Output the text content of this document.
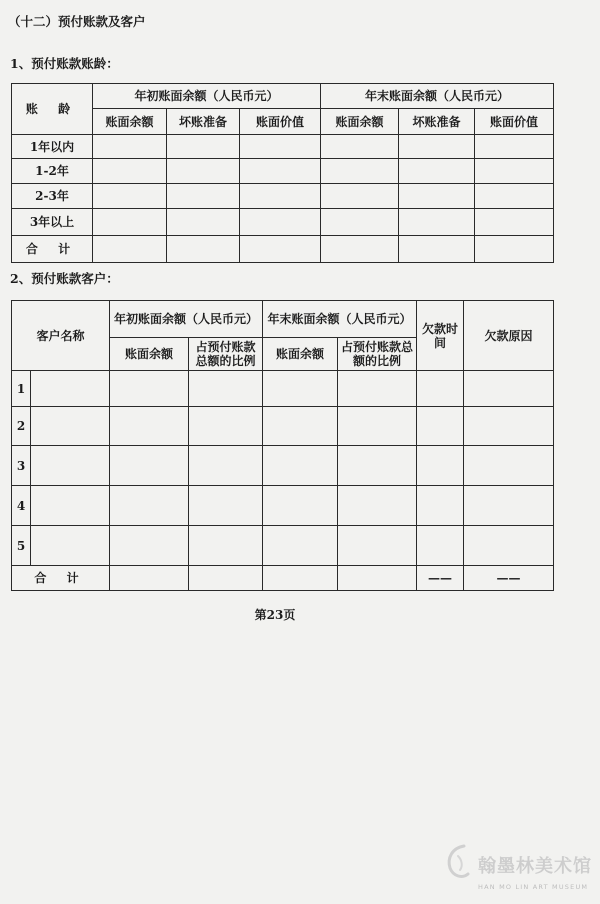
（十二）预付账款及客户
1、预付账款账龄：
账 龄	年初账面余额（人民币元）			年末账面余额（人民币元）		
	账面余额	坏账准备	账面价值	账面余额	坏账准备	账面价值
1年以内						
1-2年						
2-3年						
3年以上						
合 计						
2、预付账款客户：
客户名称		年初账面余额（人民币元）		年末账面余额（人民币元）		欠款时间	欠款原因
		账面余额	占预付账款总额的比例	账面余额	占预付账款总额的比例		
1							
2							
3							
4							
5							
合 计						——	——
第23页
翰墨林美术馆
HAN MO LIN ART MUSEUM
